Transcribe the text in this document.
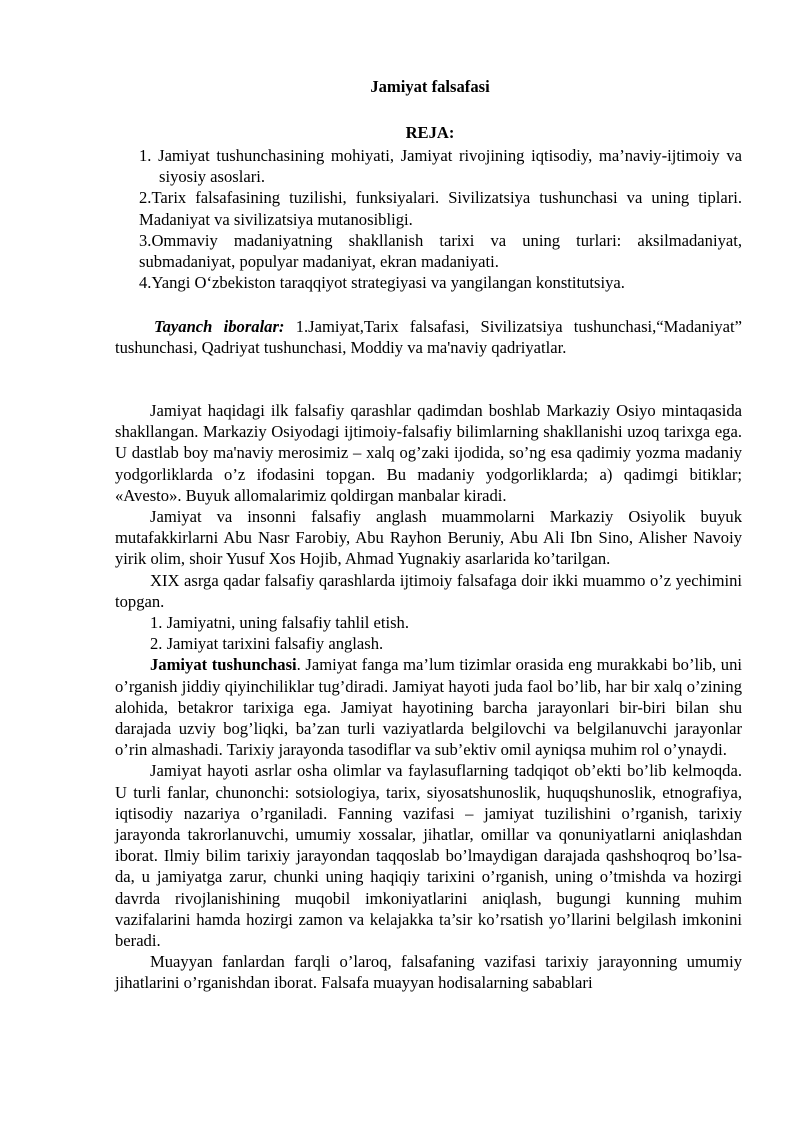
Jamiyat falsafasi
REJA:

1. Jamiyat tushunchasining mohiyati, Jamiyat rivojining iqtisodiy, ma’naviy-ijtimoiy va siyosiy asoslari.

2.Tarix falsafasining tuzilishi, funksiyalari. Sivilizatsiya tushunchasi va uning tiplari. Madaniyat va sivilizatsiya mutanosibligi.

3.Ommaviy madaniyatning shakllanish tarixi va uning turlari: aksilmadaniyat, submadaniyat, populyar madaniyat, ekran madaniyati.

4.Yangi O‘zbekiston taraqqiyot strategiyasi va yangilangan konstitutsiya.

Tayanch iboralar: 1.Jamiyat,Tarix falsafasi, Sivilizatsiya tushunchasi,“Madaniyat” tushunchasi, Qadriyat tushunchasi, Moddiy va ma'naviy qadriyatlar.

Jamiyat haqidagi ilk falsafiy qarashlar qadimdan boshlab Markaziy Osiyo mintaqasida shakllangan. Markaziy Osiyodagi ijtimoiy-falsafiy bilimlarning shakllanishi uzoq tarixga ega. U dastlab boy ma'naviy merosimiz – xalq og’zaki ijodida, so’ng esa qadimiy yozma madaniy yodgorliklarda o’z ifodasini topgan. Bu madaniy yodgorliklarda; a) qadimgi bitiklar; «Avesto». Buyuk allomalarimiz qoldirgan manbalar kiradi.

Jamiyat va insonni falsafiy anglash muammolarni Markaziy Osiyolik buyuk mutafakkirlarni Abu Nasr Farobiy, Abu Rayhon Beruniy, Abu Ali Ibn Sino, Alisher Navoiy yirik olim, shoir Yusuf Xos Hojib, Ahmad Yugnakiy asarlarida ko’tarilgan.

XIX asrga qadar falsafiy qarashlarda ijtimoiy falsafaga doir ikki muammo o’z yechimini topgan.

1. Jamiyatni, uning falsafiy tahlil etish.

2. Jamiyat tarixini falsafiy anglash.

Jamiyat tushunchasi. Jamiyat fanga ma’lum tizimlar orasida eng murakkabi bo’lib, uni o’rganish jiddiy qiyinchiliklar tug’diradi. Jamiyat hayoti juda faol bo’lib, har bir xalq o’zining alohida, betakror tarixiga ega. Jamiyat hayotining barcha jarayonlari bir-biri bilan shu darajada uzviy bog’liqki, ba’zan turli vaziyatlarda belgilovchi va belgilanuvchi jarayonlar o’rin almashadi. Tarixiy jarayonda tasodiflar va sub’ektiv omil ayniqsa muhim rol o’ynaydi.

Jamiyat hayoti asrlar osha olimlar va faylasuflarning tadqiqot ob’ekti bo’lib kelmoqda. U turli fanlar, chunonchi: sotsiologiya, tarix, siyosatshunoslik, huquqshunoslik, etnografiya, iqtisodiy nazariya o’rganiladi. Fanning vazifasi – jamiyat tuzilishini o’rganish, tarixiy jarayonda takrorlanuvchi, umumiy xossalar, jihatlar, omillar va qonuniyatlarni aniqlashdan iborat. Ilmiy bilim tarixiy jarayondan taqqoslab bo’lmaydigan darajada qashshoqroq bo’lsa-da, u jamiyatga zarur, chunki uning haqiqiy tarixini o’rganish, uning o’tmishda va hozirgi davrda rivojlanishining muqobil imkoniyatlarini aniqlash, bugungi kunning muhim vazifalarini hamda hozirgi zamon va kelajakka ta’sir ko’rsatish yo’llarini belgilash imkonini beradi.

Muayyan fanlardan farqli o’laroq, falsafaning vazifasi tarixiy jarayonning umumiy jihatlarini o’rganishdan iborat. Falsafa muayyan hodisalarning sabablari
